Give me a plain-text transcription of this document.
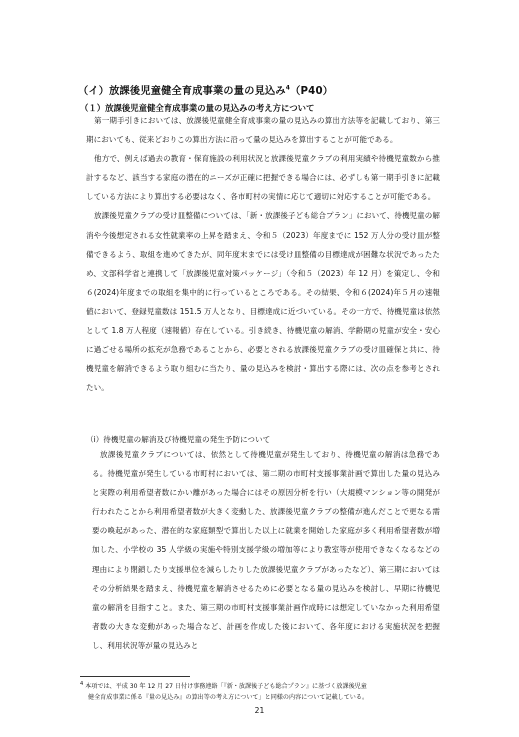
（イ）放課後児童健全育成事業の量の見込み$^4$（P40）
（１）放課後児童健全育成事業の量の見込みの考え方について

第一期手引きにおいては、放課後児童健全育成事業の量の見込みの算出方法等を記載しており、第三期においても、従来どおりこの算出方法に沿って量の見込みを算出することが可能である。

他方で、例えば過去の教育・保育施設の利用状況と放課後児童クラブの利用実績や待機児童数から推計するなど、該当する家庭の潜在的ニーズが正確に把握できる場合には、必ずしも第一期手引きに記載している方法により算出する必要はなく、各市町村の実情に応じて適切に対応することが可能である。

放課後児童クラブの受け皿整備については、「新・放課後子ども総合プラン」において、待機児童の解消や今後想定される女性就業率の上昇を踏まえ、令和５（2023）年度までに 152 万人分の受け皿が整備できるよう、取組を進めてきたが、同年度末までには受け皿整備の目標達成が困難な状況であったため、文部科学省と連携して「放課後児童対策パッケージ」（令和５（2023）年 12 月）を策定し、令和６(2024)年度までの取組を集中的に行っているところである。その結果、令和６(2024)年５月の速報値において、登録児童数は 151.5 万人となり、目標達成に近づいている。その一方で、待機児童は依然として 1.8 万人程度（速報値）存在している。引き続き、待機児童の解消、学齢期の児童が安全・安心に過ごせる場所の拡充が急務であることから、必要とされる放課後児童クラブの受け皿確保と共に、待機児童を解消できるよう取り組むに当たり、量の見込みを検討・算出する際には、次の点を参考とされたい。

（i）待機児童の解消及び待機児童の発生予防について

放課後児童クラブについては、依然として待機児童が発生しており、待機児童の解消は急務である。待機児童が発生している市町村においては、第二期の市町村支援事業計画で算出した量の見込みと実際の利用希望者数にかい離があった場合にはその原因分析を行い（大規模マンション等の開発が行われたことから利用希望者数が大きく変動した、放課後児童クラブの整備が進んだことで更なる需要の喚起があった、潜在的な家庭類型で算出した以上に就業を開始した家庭が多く利用希望者数が増加した、小学校の 35 人学級の実施や特別支援学級の増加等により教室等が使用できなくなるなどの理由により閉鎖したり支援単位を減らしたりした放課後児童クラブがあったなど）、第三期においてはその分析結果を踏まえ、待機児童を解消させるために必要となる量の見込みを検討し、早期に待機児童の解消を目指すこと。また、第三期の市町村支援事業計画作成時には想定していなかった利用希望者数の大きな変動があった場合など、計画を作成した後において、各年度における実施状況を把握し、利用状況等が量の見込みと

$^4$ 本項では、平成 30 年 12 月 27 日付け事務連絡「『新・放課後子ども総合プラン』に基づく放課後児童

健全育成事業に係る『量の見込み』の算出等の考え方について」と同様の内容について記載している。

21
